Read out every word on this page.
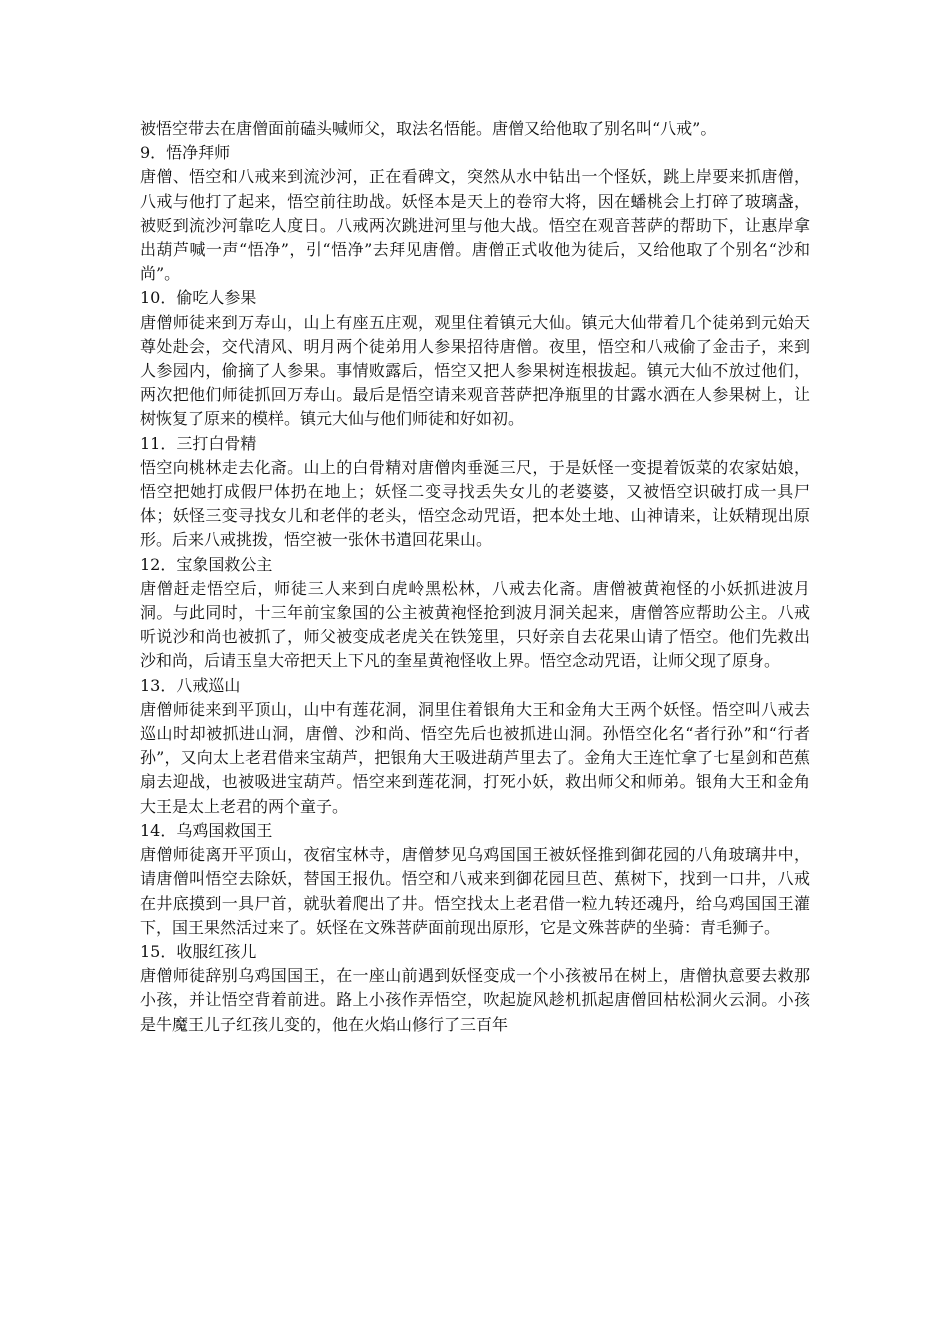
被悟空带去在唐僧面前磕头喊师父，取法名悟能。唐僧又给他取了别名叫“八戒”。

9．悟净拜师

唐僧、悟空和八戒来到流沙河，正在看碑文，突然从水中钻出一个怪妖，跳上岸要来抓唐僧，八戒与他打了起来，悟空前往助战。妖怪本是天上的卷帘大将，因在蟠桃会上打碎了玻璃盏，被贬到流沙河靠吃人度日。八戒两次跳进河里与他大战。悟空在观音菩萨的帮助下，让惠岸拿出葫芦喊一声“悟净”，引“悟净”去拜见唐僧。唐僧正式收他为徒后，又给他取了个别名“沙和尚”。

10．偷吃人参果

唐僧师徒来到万寿山，山上有座五庄观，观里住着镇元大仙。镇元大仙带着几个徒弟到元始天尊处赴会，交代清风、明月两个徒弟用人参果招待唐僧。夜里，悟空和八戒偷了金击子，来到人参园内，偷摘了人参果。事情败露后，悟空又把人参果树连根拔起。镇元大仙不放过他们，两次把他们师徒抓回万寿山。最后是悟空请来观音菩萨把净瓶里的甘露水洒在人参果树上，让树恢复了原来的模样。镇元大仙与他们师徒和好如初。

11．三打白骨精

悟空向桃林走去化斋。山上的白骨精对唐僧肉垂涎三尺，于是妖怪一变提着饭菜的农家姑娘，悟空把她打成假尸体扔在地上；妖怪二变寻找丢失女儿的老婆婆，又被悟空识破打成一具尸体；妖怪三变寻找女儿和老伴的老头，悟空念动咒语，把本处土地、山神请来，让妖精现出原形。后来八戒挑拨，悟空被一张休书遣回花果山。

12．宝象国救公主

唐僧赶走悟空后，师徒三人来到白虎岭黑松林，八戒去化斋。唐僧被黄袍怪的小妖抓进波月洞。与此同时，十三年前宝象国的公主被黄袍怪抢到波月洞关起来，唐僧答应帮助公主。八戒听说沙和尚也被抓了，师父被变成老虎关在铁笼里，只好亲自去花果山请了悟空。他们先救出沙和尚，后请玉皇大帝把天上下凡的奎星黄袍怪收上界。悟空念动咒语，让师父现了原身。

13．八戒巡山

唐僧师徒来到平顶山，山中有莲花洞，洞里住着银角大王和金角大王两个妖怪。悟空叫八戒去巡山时却被抓进山洞，唐僧、沙和尚、悟空先后也被抓进山洞。孙悟空化名“者行孙”和“行者孙”，又向太上老君借来宝葫芦，把银角大王吸进葫芦里去了。金角大王连忙拿了七星剑和芭蕉扇去迎战，也被吸进宝葫芦。悟空来到莲花洞，打死小妖，救出师父和师弟。银角大王和金角大王是太上老君的两个童子。

14．乌鸡国救国王

唐僧师徒离开平顶山，夜宿宝林寺，唐僧梦见乌鸡国国王被妖怪推到御花园的八角玻璃井中，请唐僧叫悟空去除妖，替国王报仇。悟空和八戒来到御花园旦芭、蕉树下，找到一口井，八戒在井底摸到一具尸首，就驮着爬出了井。悟空找太上老君借一粒九转还魂丹，给乌鸡国国王灌下，国王果然活过来了。妖怪在文殊菩萨面前现出原形，它是文殊菩萨的坐骑：青毛狮子。

15．收服红孩儿

唐僧师徒辞别乌鸡国国王，在一座山前遇到妖怪变成一个小孩被吊在树上，唐僧执意要去救那小孩，并让悟空背着前进。路上小孩作弄悟空，吹起旋风趁机抓起唐僧回枯松洞火云洞。小孩是牛魔王儿子红孩儿变的，他在火焰山修行了三百年
